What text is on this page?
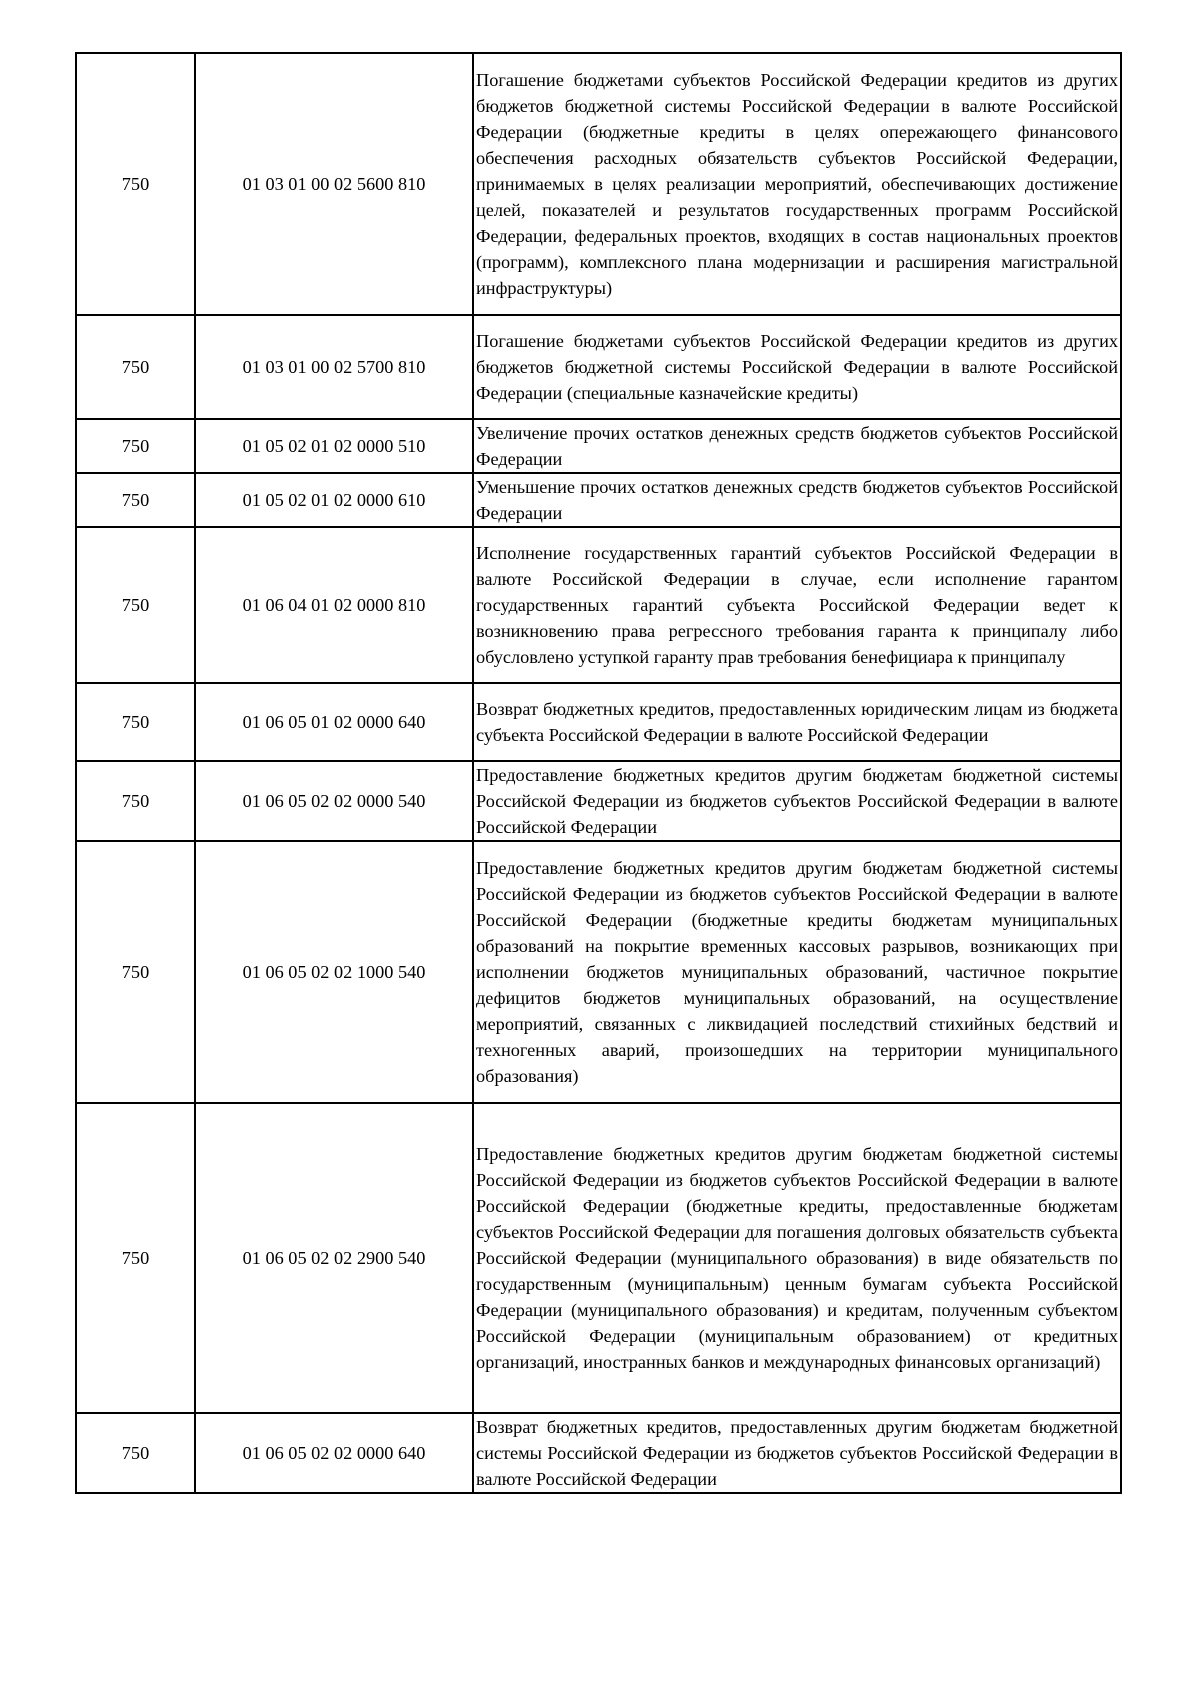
750	01 03 01 00 02 5600 810	Погашение бюджетами субъектов Российской Федерации кредитов из других бюджетов бюджетной системы Российской Федерации в валюте Российской Федерации (бюджетные кредиты в целях опережающего финансового обеспечения расходных обязательств субъектов Российской Федерации, принимаемых в целях реализации мероприятий, обеспечивающих достижение целей, показателей и результатов государственных программ Российской Федерации, федеральных проектов, входящих в состав национальных проектов (программ), комплексного плана модернизации и расширения магистральной инфраструктуры)
750	01 03 01 00 02 5700 810	Погашение бюджетами субъектов Российской Федерации кредитов из других бюджетов бюджетной системы Российской Федерации в валюте Российской Федерации (специальные казначейские кредиты)
750	01 05 02 01 02 0000 510	Увеличение прочих остатков денежных средств бюджетов субъектов Российской Федерации
750	01 05 02 01 02 0000 610	Уменьшение прочих остатков денежных средств бюджетов субъектов Российской Федерации
750	01 06 04 01 02 0000 810	Исполнение государственных гарантий субъектов Российской Федерации в валюте Российской Федерации в случае, если исполнение гарантом государственных гарантий субъекта Российской Федерации ведет к возникновению права регрессного требования гаранта к принципалу либо обусловлено уступкой гаранту прав требования бенефициара к принципалу
750	01 06 05 01 02 0000 640	Возврат бюджетных кредитов, предоставленных юридическим лицам из бюджета субъекта Российской Федерации в валюте Российской Федерации
750	01 06 05 02 02 0000 540	Предоставление бюджетных кредитов другим бюджетам бюджетной системы Российской Федерации из бюджетов субъектов Российской Федерации в валюте Российской Федерации
750	01 06 05 02 02 1000 540	Предоставление бюджетных кредитов другим бюджетам бюджетной системы Российской Федерации из бюджетов субъектов Российской Федерации в валюте Российской Федерации (бюджетные кредиты бюджетам муниципальных образований на покрытие временных кассовых разрывов, возникающих при исполнении бюджетов муниципальных образований, частичное покрытие дефицитов бюджетов муниципальных образований, на осуществление мероприятий, связанных с ликвидацией последствий стихийных бедствий и техногенных аварий, произошедших на территории муниципального образования)
750	01 06 05 02 02 2900 540	Предоставление бюджетных кредитов другим бюджетам бюджетной системы Российской Федерации из бюджетов субъектов Российской Федерации в валюте Российской Федерации (бюджетные кредиты, предоставленные бюджетам субъектов Российской Федерации для погашения долговых обязательств субъекта Российской Федерации (муниципального образования) в виде обязательств по государственным (муниципальным) ценным бумагам субъекта Российской Федерации (муниципального образования) и кредитам, полученным субъектом Российской Федерации (муниципальным образованием) от кредитных организаций, иностранных банков и международных финансовых организаций)
750	01 06 05 02 02 0000 640	Возврат бюджетных кредитов, предоставленных другим бюджетам бюджетной системы Российской Федерации из бюджетов субъектов Российской Федерации в валюте Российской Федерации
